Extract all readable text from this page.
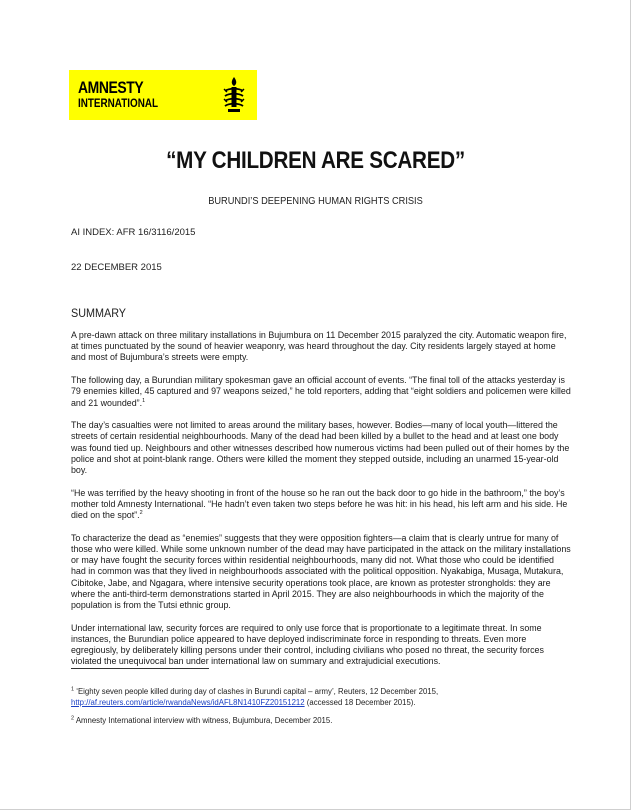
AMNESTY
INTERNATIONAL
“MY CHILDREN ARE SCARED”
BURUNDI’S DEEPENING HUMAN RIGHTS CRISIS
AI INDEX: AFR 16/3116/2015
22 DECEMBER 2015
SUMMARY

A pre-dawn attack on three military installations in Bujumbura on 11 December 2015 paralyzed the city. Automatic weapon fire, at times punctuated by the sound of heavier weaponry, was heard throughout the day. City residents largely stayed at home and most of Bujumbura’s streets were empty.

The following day, a Burundian military spokesman gave an official account of events. “The final toll of the attacks yesterday is 79 enemies killed, 45 captured and 97 weapons seized,” he told reporters, adding that “eight soldiers and policemen were killed and 21 wounded”.$^1$

The day’s casualties were not limited to areas around the military bases, however. Bodies—many of local youth—littered the streets of certain residential neighbourhoods. Many of the dead had been killed by a bullet to the head and at least one body was found tied up. Neighbours and other witnesses described how numerous victims had been pulled out of their homes by the police and shot at point-blank range. Others were killed the moment they stepped outside, including an unarmed 15-year-old boy.

“He was terrified by the heavy shooting in front of the house so he ran out the back door to go hide in the bathroom,” the boy’s mother told Amnesty International. “He hadn’t even taken two steps before he was hit: in his head, his left arm and his side. He died on the spot”.$^2$

To characterize the dead as “enemies” suggests that they were opposition fighters—a claim that is clearly untrue for many of those who were killed. While some unknown number of the dead may have participated in the attack on the military installations or may have fought the security forces within residential neighbourhoods, many did not. What those who could be identified had in common was that they lived in neighbourhoods associated with the political opposition. Nyakabiga, Musaga, Mutakura, Cibitoke, Jabe, and Ngagara, where intensive security operations took place, are known as protester strongholds: they are where the anti-third-term demonstrations started in April 2015. They are also neighbourhoods in which the majority of the population is from the Tutsi ethnic group.

Under international law, security forces are required to only use force that is proportionate to a legitimate threat. In some instances, the Burundian police appeared to have deployed indiscriminate force in responding to threats. Even more egregiously, by deliberately killing persons under their control, including civilians who posed no threat, the security forces violated the unequivocal ban under international law on summary and extrajudicial executions.

$^1$ ‘Eighty seven people killed during day of clashes in Burundi capital – army’, Reuters, 12 December 2015,
http://af.reuters.com/article/rwandaNews/idAFL8N1410FZ20151212 (accessed 18 December 2015).

$^2$ Amnesty International interview with witness, Bujumbura, December 2015.
